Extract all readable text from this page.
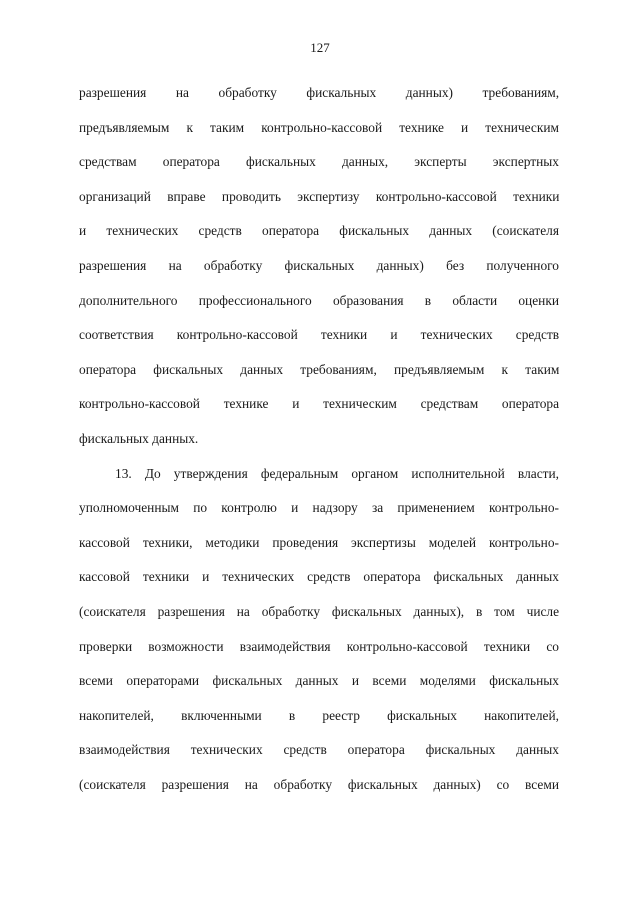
127
разрешения на обработку фискальных данных) требованиям,
предъявляемым к таким контрольно-кассовой технике и техническим
средствам оператора фискальных данных, эксперты экспертных
организаций вправе проводить экспертизу контрольно-кассовой техники
и технических средств оператора фискальных данных (соискателя
разрешения на обработку фискальных данных) без полученного
дополнительного профессионального образования в области оценки
соответствия контрольно-кассовой техники и технических средств
оператора фискальных данных требованиям, предъявляемым к таким
контрольно-кассовой технике и техническим средствам оператора
фискальных данных.
13. До утверждения федеральным органом исполнительной власти,
уполномоченным по контролю и надзору за применением контрольно-
кассовой техники, методики проведения экспертизы моделей контрольно-
кассовой техники и технических средств оператора фискальных данных
(соискателя разрешения на обработку фискальных данных), в том числе
проверки возможности взаимодействия контрольно-кассовой техники со
всеми операторами фискальных данных и всеми моделями фискальных
накопителей, включенными в реестр фискальных накопителей,
взаимодействия технических средств оператора фискальных данных
(соискателя разрешения на обработку фискальных данных) со всеми
